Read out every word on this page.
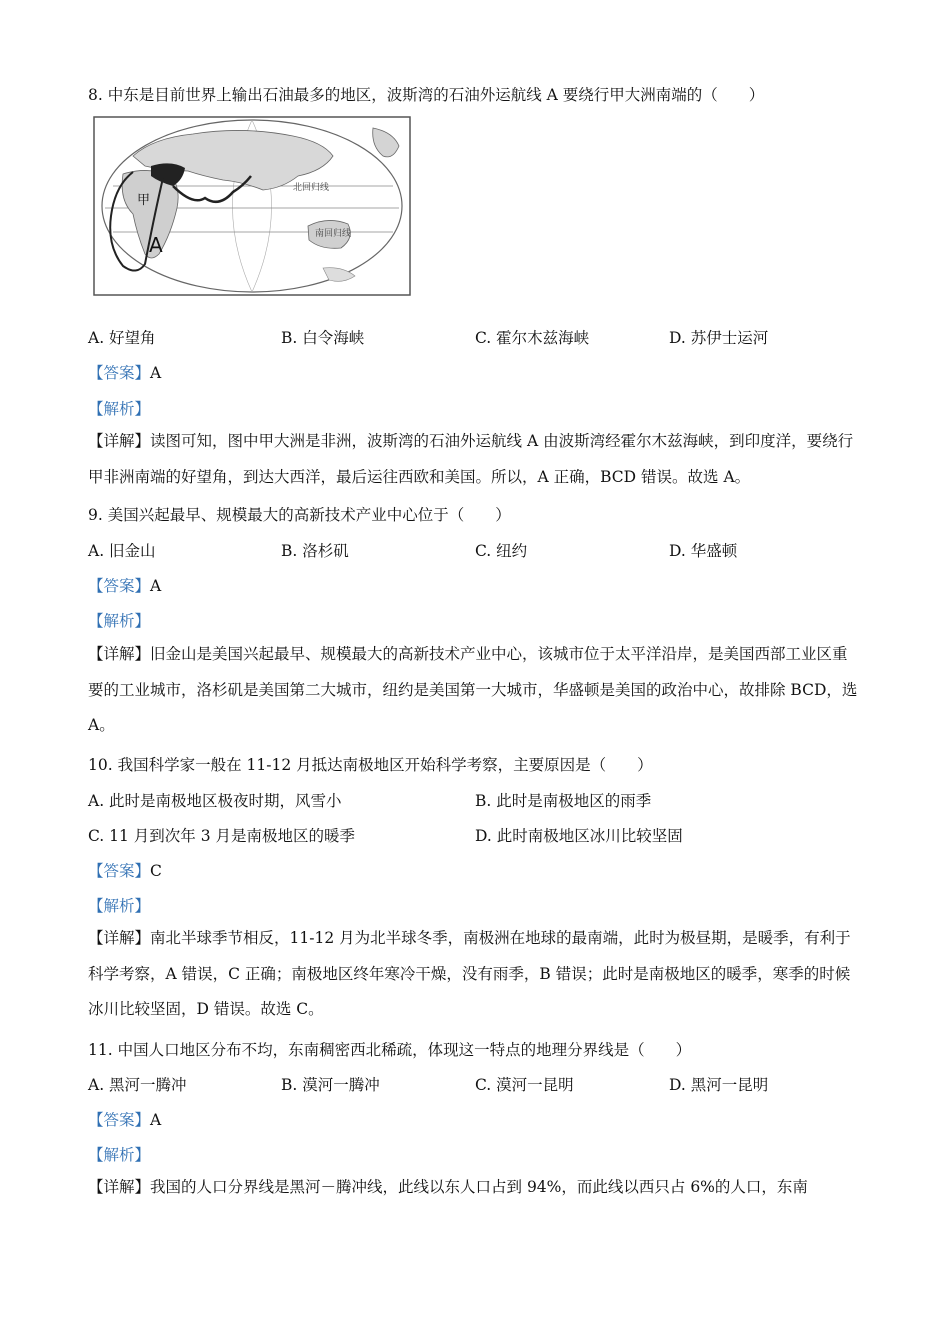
8. 中东是目前世界上输出石油最多的地区，波斯湾的石油外运航线 A 要绕行甲大洲南端的（　　）
甲
A
北回归线
南回归线
A. 好望角	B. 白令海峡	C. 霍尔木兹海峡	D. 苏伊士运河
【答案】A
【解析】
【详解】读图可知，图中甲大洲是非洲，波斯湾的石油外运航线 A 由波斯湾经霍尔木兹海峡，到印度洋，要绕行甲非洲南端的好望角，到达大西洋，最后运往西欧和美国。所以，A 正确，BCD 错误。故选 A。
9. 美国兴起最早、规模最大的高新技术产业中心位于（　　）
A. 旧金山	B. 洛杉矶	C. 纽约	D. 华盛顿
【答案】A
【解析】
【详解】旧金山是美国兴起最早、规模最大的高新技术产业中心，该城市位于太平洋沿岸，是美国西部工业区重要的工业城市，洛杉矶是美国第二大城市，纽约是美国第一大城市，华盛顿是美国的政治中心，故排除 BCD，选 A。
10. 我国科学家一般在 11-12 月抵达南极地区开始科学考察，主要原因是（　　）
A. 此时是南极地区极夜时期，风雪小	B. 此时是南极地区的雨季
C. 11 月到次年 3 月是南极地区的暖季	D. 此时南极地区冰川比较坚固
【答案】C
【解析】
【详解】南北半球季节相反，11-12 月为北半球冬季，南极洲在地球的最南端，此时为极昼期，是暖季，有利于科学考察，A 错误，C 正确；南极地区终年寒冷干燥，没有雨季，B 错误；此时是南极地区的暖季，寒季的时候冰川比较坚固，D 错误。故选 C。
11. 中国人口地区分布不均，东南稠密西北稀疏，体现这一特点的地理分界线是（　　）
A. 黑河一腾冲	B. 漠河一腾冲	C. 漠河一昆明	D. 黑河一昆明
【答案】A
【解析】
【详解】我国的人口分界线是黑河－腾冲线，此线以东人口占到 94%，而此线以西只占 6%的人口，东南
